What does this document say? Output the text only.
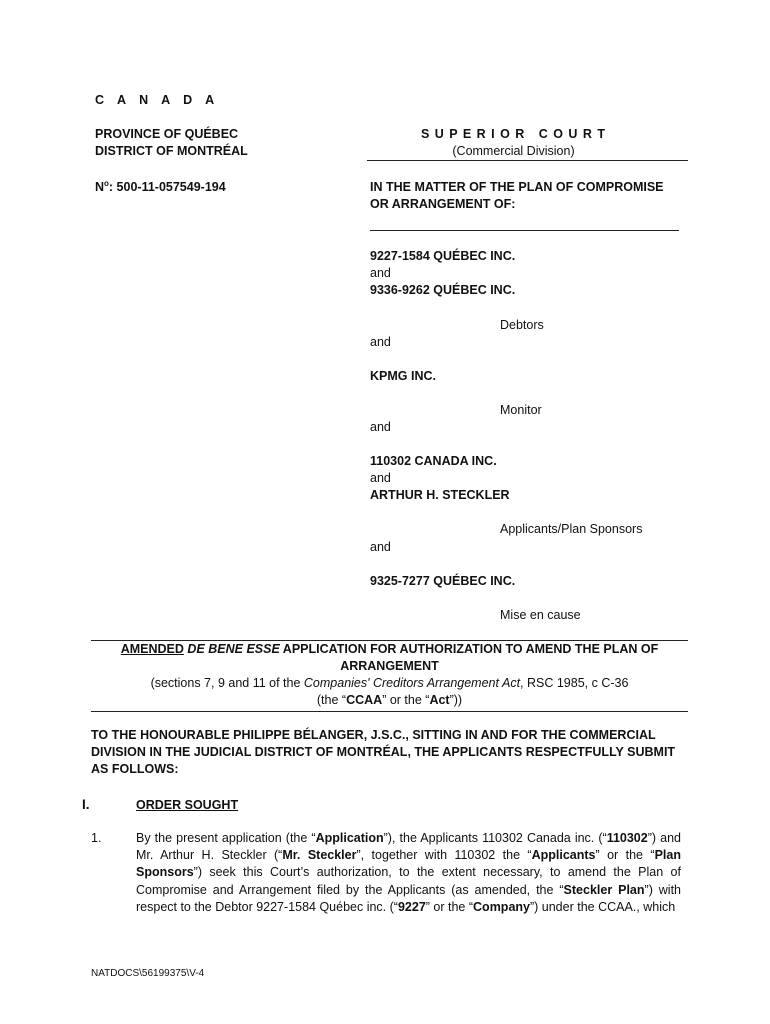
C A N A D A
PROVINCE OF QUÉBEC
DISTRICT OF MONTRÉAL
S U P E R I O R   C O U R T
(Commercial Division)
$N^o$: 500-11-057549-194	IN THE MATTER OF THE PLAN OF COMPROMISE
OR ARRANGEMENT OF:
9227-1584 QUÉBEC INC.
and
9336-9262 QUÉBEC INC.
Debtors
and
KPMG INC.
Monitor
and
110302 CANADA INC.
and
ARTHUR H. STECKLER
Applicants/Plan Sponsors
and
9325-7277 QUÉBEC INC.
Mise en cause
AMENDED DE BENE ESSE APPLICATION FOR AUTHORIZATION TO AMEND THE PLAN OF
ARRANGEMENT
(sections 7, 9 and 11 of the Companies' Creditors Arrangement Act, RSC 1985, c C-36
(the “CCAA” or the “Act”))
TO THE HONOURABLE PHILIPPE BÉLANGER, J.S.C., SITTING IN AND FOR THE COMMERCIAL
DIVISION IN THE JUDICIAL DISTRICT OF MONTRÉAL, THE APPLICANTS RESPECTFULLY SUBMIT
AS FOLLOWS:
I.	ORDER SOUGHT
1.	By the present application (the “Application”), the Applicants 110302 Canada inc. (“110302”) and Mr. Arthur H. Steckler (“Mr. Steckler”, together with 110302 the “Applicants” or the “Plan Sponsors”) seek this Court’s authorization, to the extent necessary, to amend the Plan of Compromise and Arrangement filed by the Applicants (as amended, the “Steckler Plan”) with respect to the Debtor 9227-1584 Québec inc. (“9227” or the “Company”) under the CCAA., which
NATDOCS\56199375\V-4
